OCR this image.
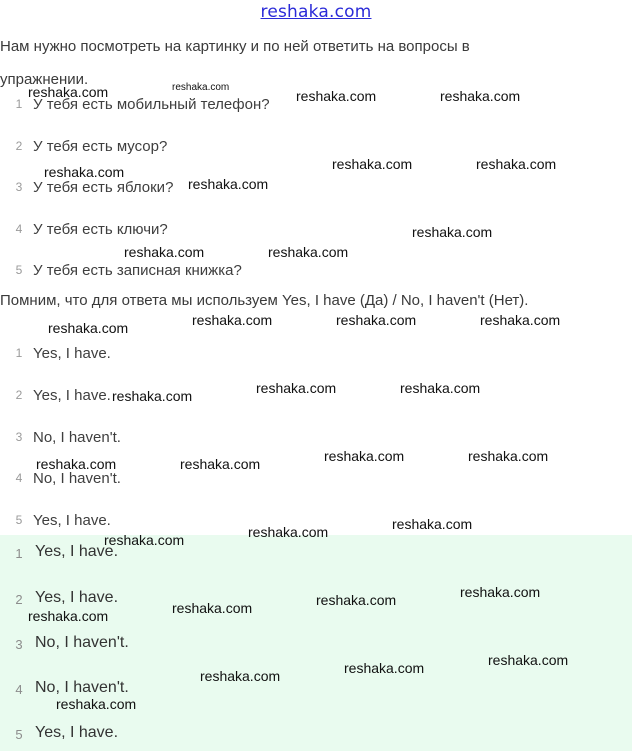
reshaka.com
Нам нужно посмотреть на картинку и по ней ответить на вопросы в упражнении.
1 У тебя есть мобильный телефон?
2 У тебя есть мусор?
3 У тебя есть яблоки?
4 У тебя есть ключи?
5 У тебя есть записная книжка?
Помним, что для ответа мы используем Yes, I have (Да) / No, I haven't (Нет).
1 Yes, I have.
2 Yes, I have.
3 No, I haven't.
4 No, I haven't.
5 Yes, I have.
1 Yes, I have.
2 Yes, I have.
3 No, I haven't.
4 No, I haven't.
5 Yes, I have.
reshaka.com	reshaka.com
reshaka.com	reshaka.com
reshaka.com	reshaka.com
reshaka.com
reshaka.com
reshaka.com
reshaka.com	reshaka.com
reshaka.com	reshaka.com	reshaka.com
reshaka.com
reshaka.com	reshaka.com
reshaka.com
reshaka.com	reshaka.com
reshaka.com	reshaka.com
reshaka.com
reshaka.com
reshaka.com
reshaka.com
reshaka.com
reshaka.com
reshaka.com
reshaka.com
reshaka.com
reshaka.com
reshaka.com
